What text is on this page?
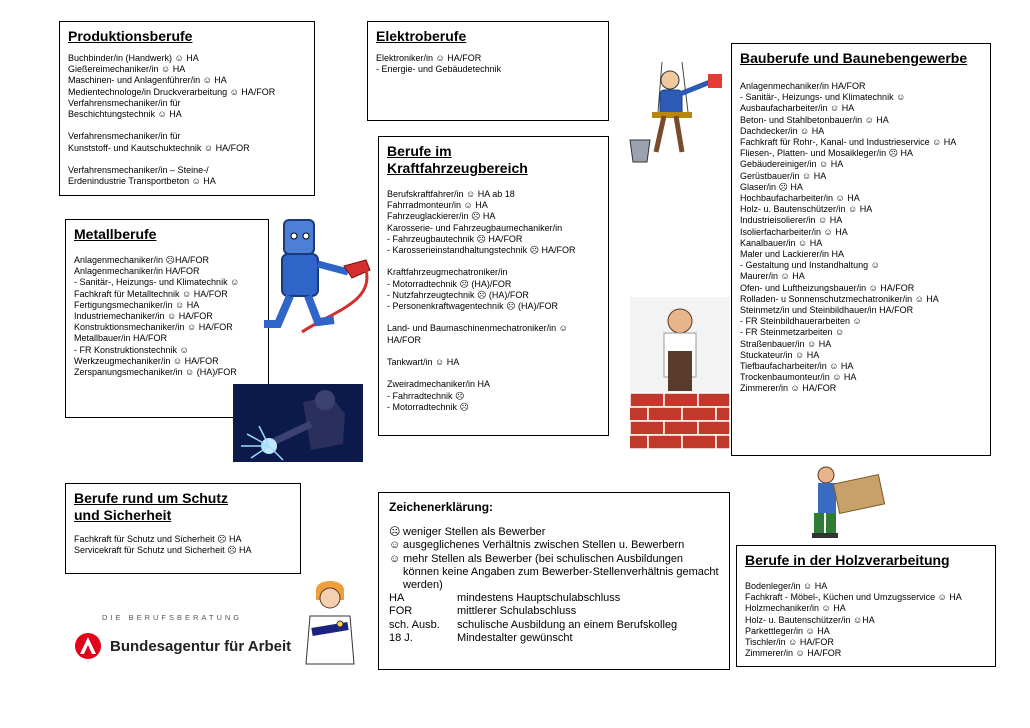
Produktionsberufe
Buchbinder/in (Handwerk) ☺ HA
Gießereimechaniker/in ☺ HA
Maschinen- und Anlagenführer/in ☺ HA
Medientechnologe/in Druckverarbeitung ☺ HA/FOR
Verfahrensmechaniker/in für
Beschichtungstechnik ☺ HA

Verfahrensmechaniker/in für
Kunststoff- und Kautschuktechnik ☺ HA/FOR

Verfahrensmechaniker/in – Steine-/
Erdenindustrie Transportbeton ☺ HA
Elektroberufe
Elektroniker/in ☺ HA/FOR
- Energie- und Gebäudetechnik
Bauberufe und Baunebengewerbe
Anlagenmechaniker/in HA/FOR
- Sanitär-, Heizungs- und Klimatechnik ☺
Ausbaufacharbeiter/in ☺ HA
Beton- und Stahlbetonbauer/in ☺ HA
Dachdecker/in ☺ HA
Fachkraft für Rohr-, Kanal- und Industrieservice ☺ HA
Fliesen-, Platten- und Mosaikleger/in ☹ HA
Gebäudereiniger/in ☺ HA
Gerüstbauer/in ☺ HA
Glaser/in ☹ HA
Hochbaufacharbeiter/in ☺ HA
Holz- u. Bautenschützer/in ☺ HA
Industrieisolierer/in ☺ HA
Isolierfacharbeiter/in ☺ HA
Kanalbauer/in ☺ HA
Maler und Lackierer/in HA
- Gestaltung und Instandhaltung ☺
Maurer/in ☺ HA
Ofen- und Luftheizungsbauer/in ☺ HA/FOR
Rolladen- u Sonnenschutzmechatroniker/in ☺ HA
Steinmetz/in und Steinbildhauer/in HA/FOR
- FR Steinbildhauerarbeiten ☺
- FR Steinmetzarbeiten ☺
Straßenbauer/in ☺ HA
Stuckateur/in ☺ HA
Tiefbaufacharbeiter/in ☺ HA
Trockenbaumonteur/in ☺ HA
Zimmerer/in ☺ HA/FOR
Berufe im Kraftfahrzeugbereich
Berufskraftfahrer/in ☺ HA ab 18
Fahrradmonteur/in ☺ HA
Fahrzeuglackierer/in ☹ HA
Karosserie- und Fahrzeugbaumechaniker/in
- Fahrzeugbautechnik ☹ HA/FOR
- Karosserieinstandhaltungstechnik ☹ HA/FOR

Kraftfahrzeugmechatroniker/in
- Motorradtechnik ☹ (HA)/FOR
- Nutzfahrzeugtechnik ☹ (HA)/FOR
- Personenkraftwagentechnik ☹ (HA)/FOR

Land- und Baumaschinenmechatroniker/in ☺
HA/FOR

Tankwart/in ☺ HA

Zweiradmechaniker/in HA
- Fahrradtechnik ☹
- Motorradtechnik ☹
Metallberufe
Anlagenmechaniker/in ☹HA/FOR
Anlagenmechaniker/in HA/FOR
- Sanitär-, Heizungs- und Klimatechnik ☺
Fachkraft für Metalltechnik ☺ HA/FOR
Fertigungsmechaniker/in ☺ HA
Industriemechaniker/in ☺ HA/FOR
Konstruktionsmechaniker/in ☺ HA/FOR
Metallbauer/in HA/FOR
- FR Konstruktionstechnik ☺
Werkzeugmechaniker/in ☺ HA/FOR
Zerspanungsmechaniker/in ☺ (HA)/FOR
Berufe rund um Schutz und Sicherheit
Fachkraft für Schutz und Sicherheit ☹ HA
Servicekraft für Schutz und Sicherheit ☹ HA
Zeichenerklärung:
☹ weniger Stellen als Bewerber
☺ ausgeglichenes Verhältnis zwischen Stellen u. Bewerbern
☺ mehr Stellen als Bewerber (bei schulischen Ausbildungen können keine Angaben zum Bewerber-Stellenverhältnis gemacht werden)
HA	mindestens Hauptschulabschluss
FOR	mittlerer Schulabschluss
sch. Ausb.	schulische Ausbildung an einem Berufskolleg
18 J.	Mindestalter gewünscht
Berufe in der Holzverarbeitung
Bodenleger/in ☺ HA
Fachkraft - Möbel-, Küchen und Umzugsservice ☺ HA
Holzmechaniker/in ☺ HA
Holz- u. Bautenschützer/in ☺HA
Parkettleger/in ☺ HA
Tischler/in ☺ HA/FOR
Zimmerer/in ☺ HA/FOR
DIE BERUFSBERATUNG
Bundesagentur für Arbeit
